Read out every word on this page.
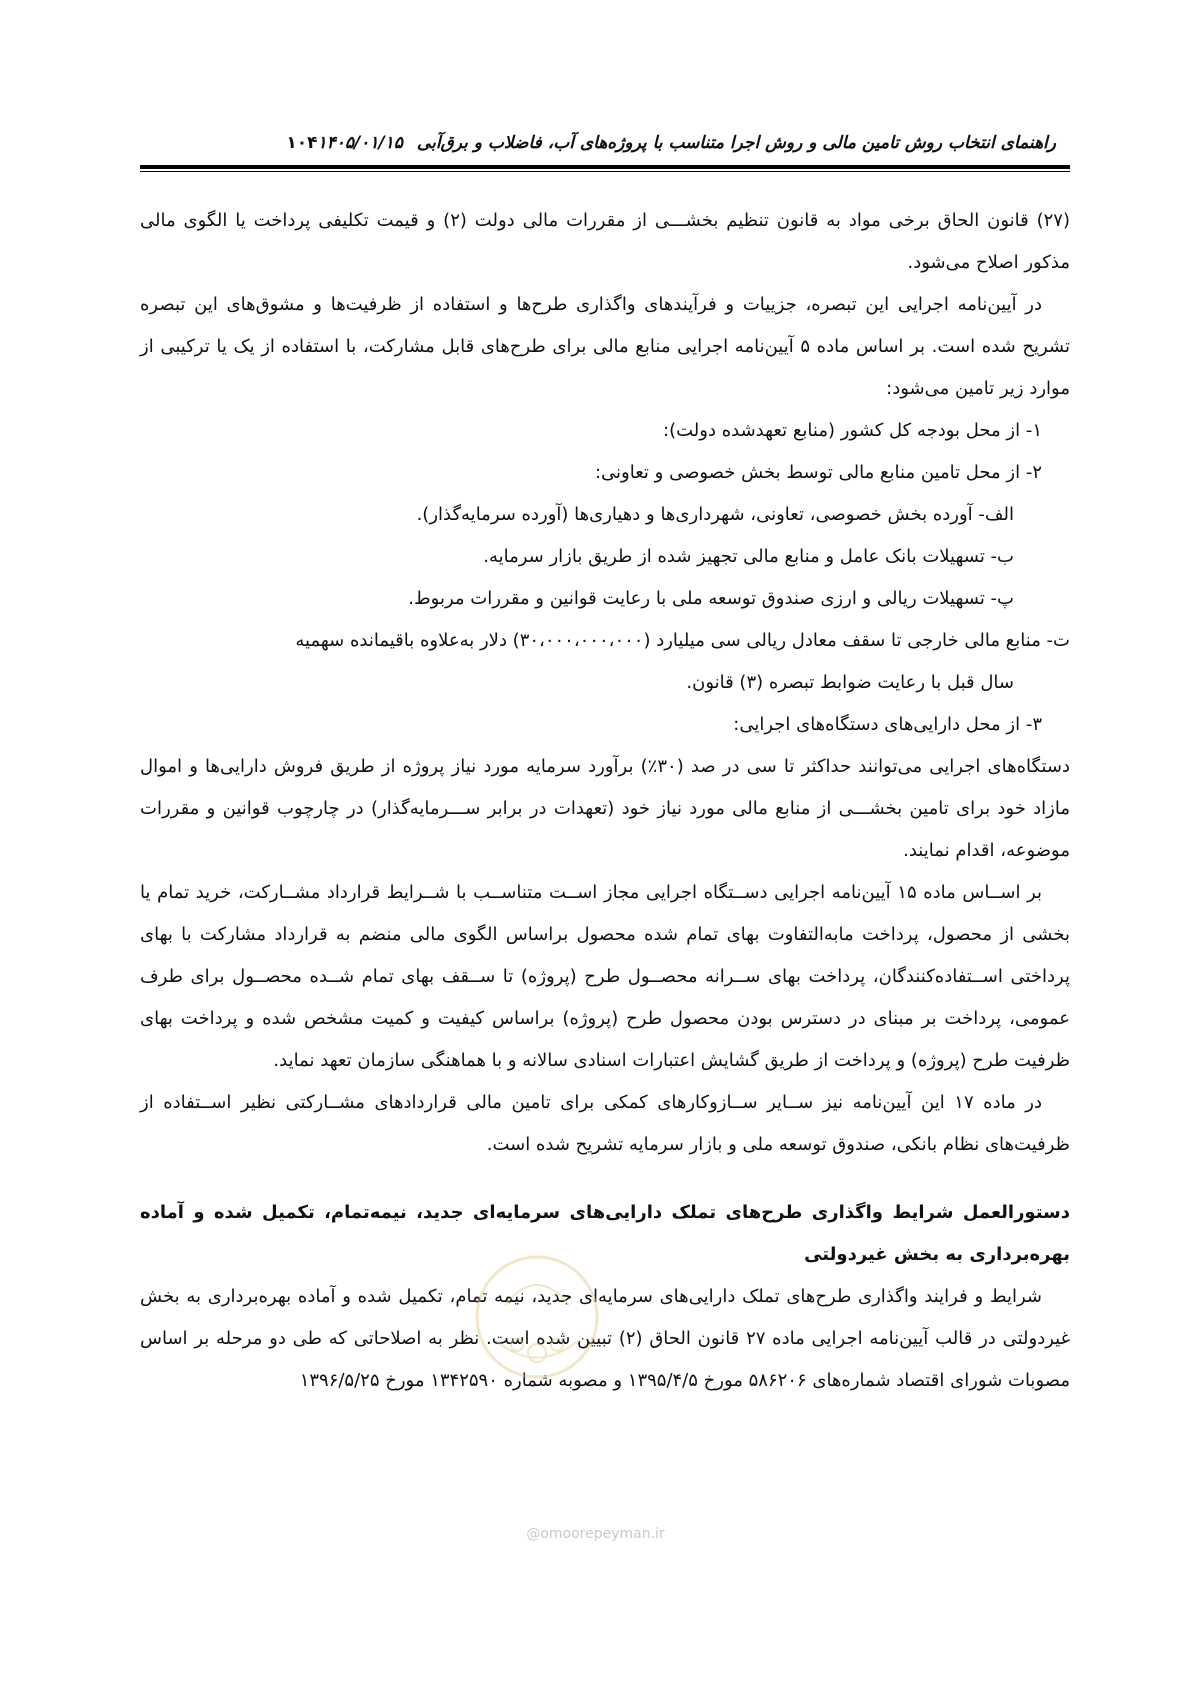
راهنمای انتخاب روش تامین مالی و روش اجرا متناسب با پروژه‌های آب، فاضلاب و برق‌آبی
۱۴۰۵/۰۱/۱۵
۱۰۴

(۲۷) قانون الحاق برخی مواد به قانون تنظیم بخشـــی از مقررات مالی دولت (۲) و قیمت تکلیفی پرداخت یا الگوی مالی مذکور اصلاح می‌شود.

در آیین‌نامه اجرایی این تبصره، جزییات و فرآیندهای واگذاری طرح‌ها و استفاده از ظرفیت‌ها و مشوق‌های این تبصره تشریح شده است. بر اساس ماده ۵ آیین‌نامه اجرایی منابع مالی برای طرح‌های قابل مشارکت، با استفاده از یک یا ترکیبی از موارد زیر تامین می‌شود:

۱- از محل بودجه کل کشور (منابع تعهدشده دولت):

۲- از محل تامین منابع مالی توسط بخش خصوصی و تعاونی:

الف- آورده بخش خصوصی، تعاونی، شهرداری‌ها و دهیاری‌ها (آورده سرمایه‌گذار).

ب- تسهیلات بانک عامل و منابع مالی تجهیز شده از طریق بازار سرمایه.

پ- تسهیلات ریالی و ارزی صندوق توسعه ملی با رعایت قوانین و مقررات مربوط.

ت- منابع مالی خارجی تا سقف معادل ریالی سی میلیارد (۳۰،۰۰۰،۰۰۰،۰۰۰) دلار به‌علاوه باقیمانده سهمیه

سال قبل با رعایت ضوابط تبصره (۳) قانون.

۳- از محل دارایی‌های دستگاه‌های اجرایی:

دستگاه‌های اجرایی می‌توانند حداکثر تا سی در صد (۳۰٪) برآورد سرمایه مورد نیاز پروژه از طریق فروش دارایی‌ها و اموال مازاد خود برای تامین بخشـــی از منابع مالی مورد نیاز خود (تعهدات در برابر ســـرمایه‌گذار) در چارچوب قوانین و مقررات موضوعه، اقدام نمایند.

بر اســاس ماده ۱۵ آیین‌نامه اجرایی دســتگاه اجرایی مجاز اســت متناســب با شــرایط قرارداد مشــارکت، خرید تمام یا بخشی از محصول، پرداخت مابه‌التفاوت بهای تمام شده محصول براساس الگوی مالی منضم به قرارداد مشارکت با بهای پرداختی اســتفاده‌کنندگان، پرداخت بهای ســرانه محصــول طرح (پروژه) تا ســقف بهای تمام شــده محصــول برای طرف عمومی، پرداخت بر مبنای در دسترس بودن محصول طرح (پروژه) براساس کیفیت و کمیت مشخص شده و پرداخت بهای ظرفیت طرح (پروژه) و پرداخت از طریق گشایش اعتبارات اسنادی سالانه و با هماهنگی سازمان تعهد نماید.

در ماده ۱۷ این آیین‌نامه نیز ســایر ســازوکارهای کمکی برای تامین مالی قراردادهای مشــارکتی نظیر اســتفاده از ظرفیت‌های نظام بانکی، صندوق توسعه ملی و بازار سرمایه تشریح شده است.

دستورالعمل شرایط واگذاری طرح‌های تملک دارایی‌های سرمایه‌ای جدید، نیمه‌تمام، تکمیل شده و آماده بهره‌برداری به بخش غیردولتی

شرایط و فرایند واگذاری طرح‌های تملک دارایی‌های سرمایه‌ای جدید، نیمه تمام، تکمیل شده و آماده بهره‌برداری به بخش غیردولتی در قالب آیین‌نامه اجرایی ماده ۲۷ قانون الحاق (۲) تبیین شده است. نظر به اصلاحاتی که طی دو مرحله بر اساس مصوبات شورای اقتصاد شماره‌های ۵۸۶۲۰۶ مورخ ۱۳۹۵/۴/۵ و مصوبه شماره ۱۳۴۲۵۹۰ مورخ ۱۳۹۶/۵/۲۵

@omoorepeyman.ir
